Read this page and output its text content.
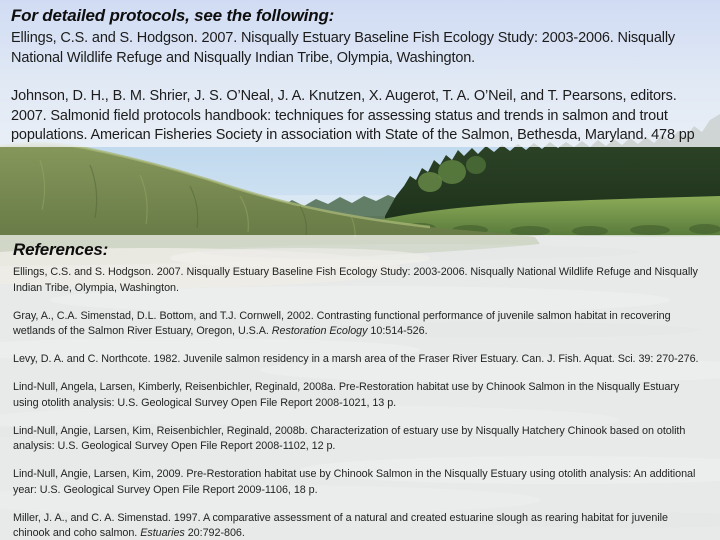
For detailed protocols, see the following:

Ellings, C.S. and S. Hodgson. 2007. Nisqually Estuary Baseline Fish Ecology Study: 2003-2006. Nisqually National Wildlife Refuge and Nisqually Indian Tribe, Olympia, Washington.

Johnson, D. H., B. M. Shrier, J. S. O’Neal, J. A. Knutzen, X. Augerot, T. A. O’Neil, and T. Pearsons, editors. 2007. Salmonid field protocols handbook: techniques for assessing status and trends in salmon and trout populations. American Fisheries Society in association with State of the Salmon, Bethesda, Maryland. 478 pp

References:

Ellings, C.S. and S. Hodgson. 2007. Nisqually Estuary Baseline Fish Ecology Study: 2003-2006. Nisqually National Wildlife Refuge and Nisqually Indian Tribe, Olympia, Washington.

Gray, A., C.A. Simenstad, D.L. Bottom, and T.J. Cornwell, 2002. Contrasting functional performance of juvenile salmon habitat in recovering wetlands of the Salmon River Estuary, Oregon, U.S.A. Restoration Ecology 10:514-526.

Levy, D. A. and C. Northcote. 1982. Juvenile salmon residency in a marsh area of the Fraser River Estuary. Can. J. Fish. Aquat. Sci. 39: 270-276.

Lind-Null, Angela, Larsen, Kimberly, Reisenbichler, Reginald, 2008a. Pre-Restoration habitat use by Chinook Salmon in the Nisqually Estuary using otolith analysis: U.S. Geological Survey Open File Report 2008-1021, 13 p.

Lind-Null, Angie, Larsen, Kim, Reisenbichler, Reginald, 2008b. Characterization of estuary use by Nisqually Hatchery Chinook based on otolith analysis: U.S. Geological Survey Open File Report 2008-1102, 12 p.

Lind-Null, Angie, Larsen, Kim, 2009. Pre-Restoration habitat use by Chinook Salmon in the Nisqually Estuary using otolith analysis: An additional year: U.S. Geological Survey Open File Report 2009-1106, 18 p.

Miller, J. A., and C. A. Simenstad. 1997. A comparative assessment of a natural and created estuarine slough as rearing habitat for juvenile chinook and coho salmon. Estuaries 20:792-806.
